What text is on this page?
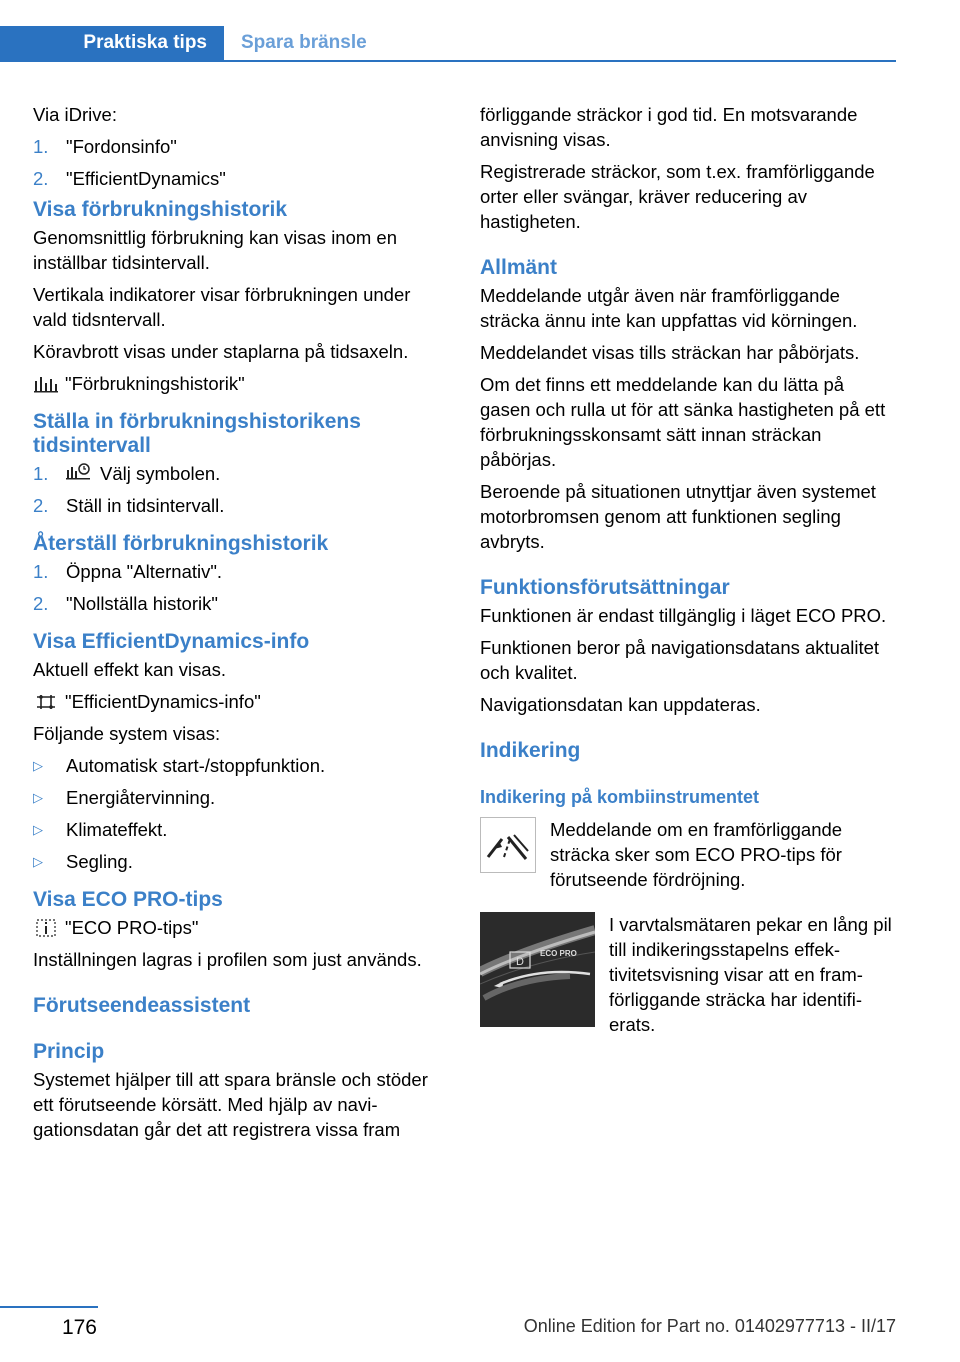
Praktiska tips	Spara bränsle

Via iDrive:

1. "Fordonsinfo"
2. "EfficientDynamics"
Visa förbrukningshistorik

Genomsnittlig förbrukning kan visas inom en inställbar tidsintervall.

Vertikala indikatorer visar förbrukningen under vald tidsntervall.

Köravbrott visas under staplarna på tidsaxeln.

"Förbrukningshistorik"
Ställa in förbrukningshistorikens tidsintervall
1.	Välj symbolen.
2. Ställ in tidsintervall.
Återställ förbrukningshistorik
1. Öppna "Alternativ".
2. "Nollställa historik"
Visa EfficientDynamics-info

Aktuell effekt kan visas.

"EfficientDynamics-info"

Följande system visas:

▷	Automatisk start-/stoppfunktion.
▷	Energiåtervinning.
▷	Klimateffekt.
▷	Segling.
Visa ECO PRO-tips
"ECO PRO-tips"

Inställningen lagras i profilen som just används.

Förutseendeassistent
Princip

Systemet hjälper till att spara bränsle och stöder ett förutseende körsätt. Med hjälp av navigationsdatan går det att registrera vissa fram

förliggande sträckor i god tid. En motsvarande anvisning visas.

Registrerade sträckor, som t.ex. framförliggande orter eller svängar, kräver reducering av hastigheten.

Allmänt

Meddelande utgår även när framförliggande sträcka ännu inte kan uppfattas vid körningen.

Meddelandet visas tills sträckan har påbörjats.

Om det finns ett meddelande kan du lätta på gasen och rulla ut för att sänka hastigheten på ett förbrukningsskonsamt sätt innan sträckan påbörjas.

Beroende på situationen utnyttjar även systemet motorbromsen genom att funktionen segling avbryts.

Funktionsförutsättningar

Funktionen är endast tillgänglig i läget ECO PRO.

Funktionen beror på navigationsdatans aktualitet och kvalitet.

Navigationsdatan kan uppdateras.

Indikering
Indikering på kombiinstrumentet
Meddelande om en framförliggande sträcka sker som ECO PRO-tips för förutseende fördröjning.
D
ECO PRO
I varvtalsmätaren pekar en lång pil till indikeringsstapelns effektivitetsvisning visar att en framförliggande sträcka har identifierats.
176	Online Edition for Part no. 01402977713 - II/17
